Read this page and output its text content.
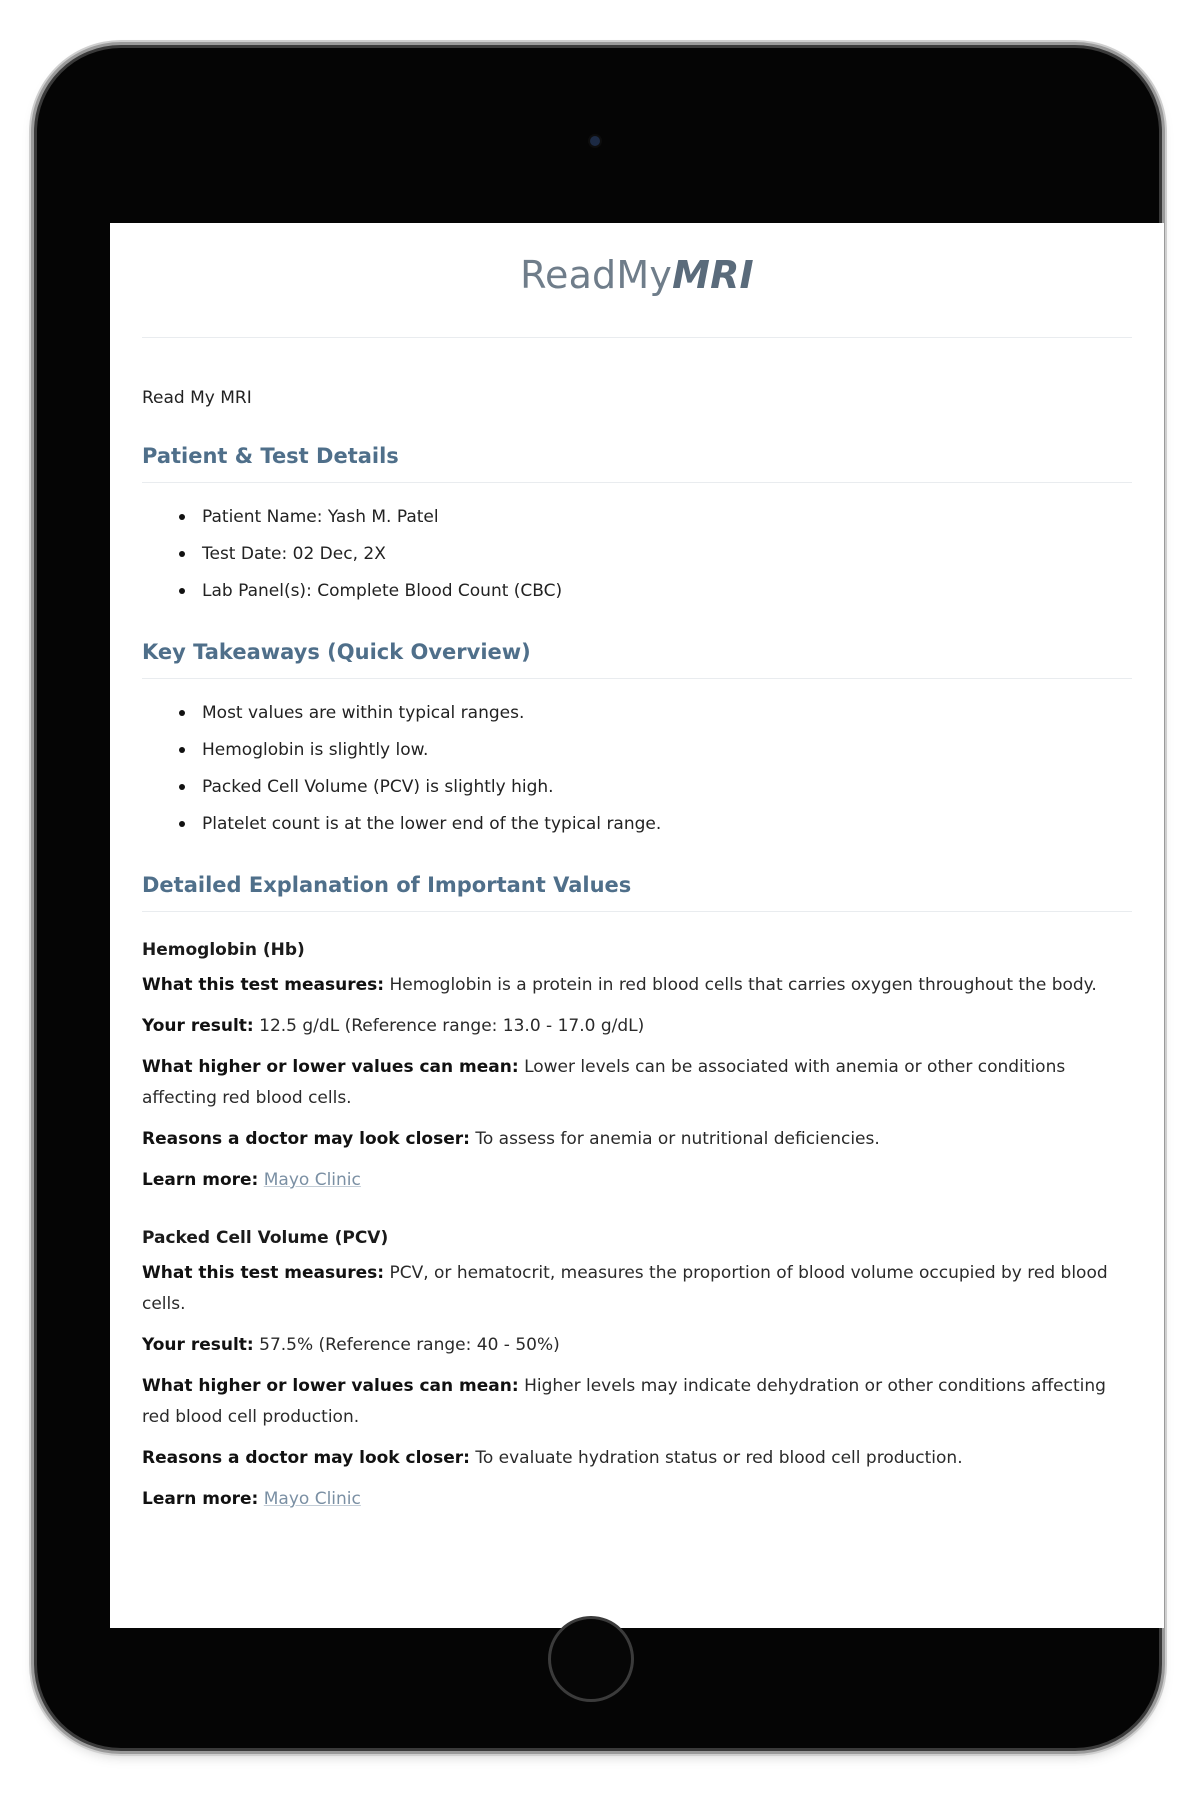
ReadMyMRI

Read My MRI

Patient & Test Details
Patient Name: Yash M. Patel
Test Date: 02 Dec, 2X
Lab Panel(s): Complete Blood Count (CBC)
Key Takeaways (Quick Overview)
Most values are within typical ranges.
Hemoglobin is slightly low.
Packed Cell Volume (PCV) is slightly high.
Platelet count is at the lower end of the typical range.
Detailed Explanation of Important Values

Hemoglobin (Hb)

What this test measures: Hemoglobin is a protein in red blood cells that carries oxygen throughout the body.

Your result: 12.5 g/dL (Reference range: 13.0 - 17.0 g/dL)

What higher or lower values can mean: Lower levels can be associated with anemia or other conditions affecting red blood cells.

Reasons a doctor may look closer: To assess for anemia or nutritional deficiencies.

Learn more: Mayo Clinic

Packed Cell Volume (PCV)

What this test measures: PCV, or hematocrit, measures the proportion of blood volume occupied by red blood cells.

Your result: 57.5% (Reference range: 40 - 50%)

What higher or lower values can mean: Higher levels may indicate dehydration or other conditions affecting red blood cell production.

Reasons a doctor may look closer: To evaluate hydration status or red blood cell production.

Learn more: Mayo Clinic
